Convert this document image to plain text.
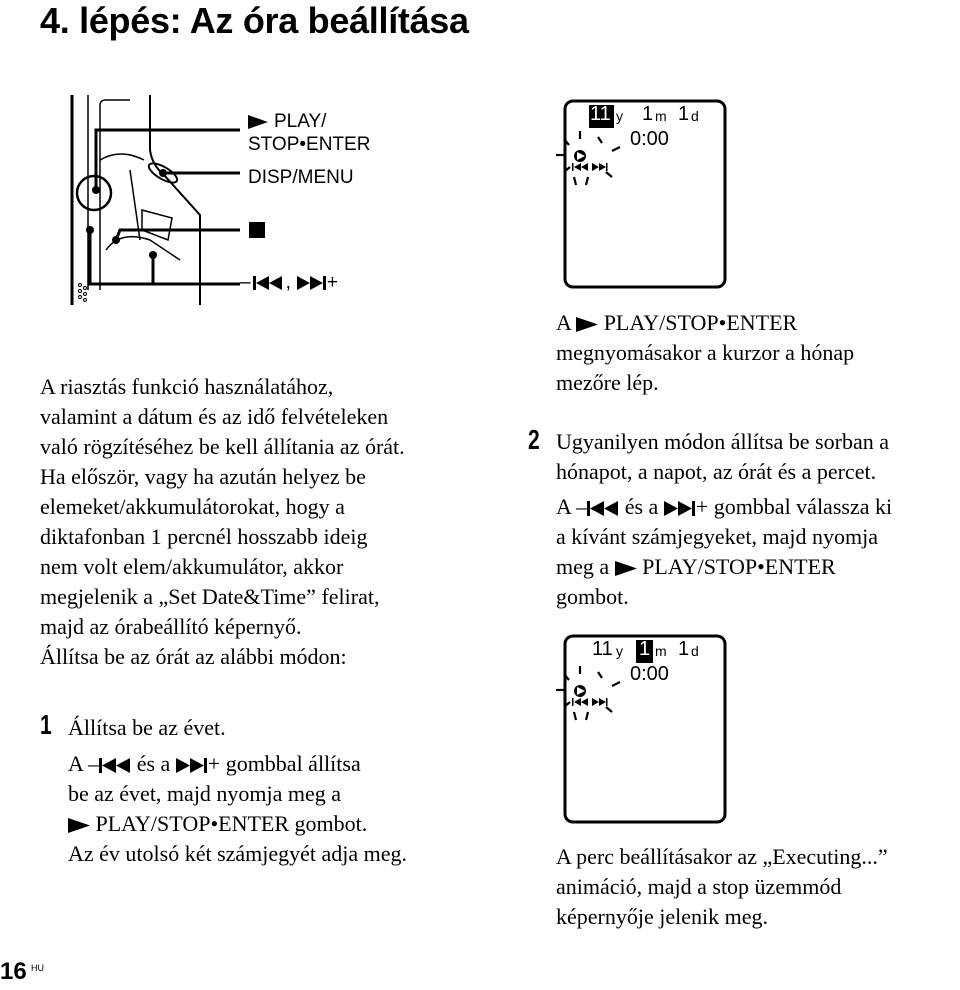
4. lépés: Az óra beállítása
PLAY/
STOP•ENTER
DISP/MENU
– , +
A riasztás funkció használatához,
valamint a dátum és az idő felvételeken
való rögzítéséhez be kell állítania az órát.
Ha először, vagy ha azután helyez be
elemeket/akkumulátorokat, hogy a
diktafonban 1 percnél hosszabb ideig
nem volt elem/akkumulátor, akkor
megjelenik a „Set Date&Time” felirat,
majd az órabeállító képernyő.
Állítsa be az órát az alábbi módon:
1 Állítsa be az évet.
A –
és a
+ gombbal állítsa
be az évet, majd nyomja meg a
PLAY/STOP•ENTER gombot.
Az év utolsó két számjegyét adja meg.
11 y 1 m 1 d
0:00
A
PLAY/STOP•ENTER
megnyomásakor a kurzor a hónap
mezőre lép.
2 Ugyanilyen módon állítsa be sorban a
hónapot, a napot, az órát és a percet.
A –
és a
+ gombbal válassza ki
a kívánt számjegyeket, majd nyomja
meg a
PLAY/STOP•ENTER
gombot.
11 y 1 m 1 d
0:00
A perc beállításakor az „Executing...”
animáció, majd a stop üzemmód
képernyője jelenik meg.
16 HU
